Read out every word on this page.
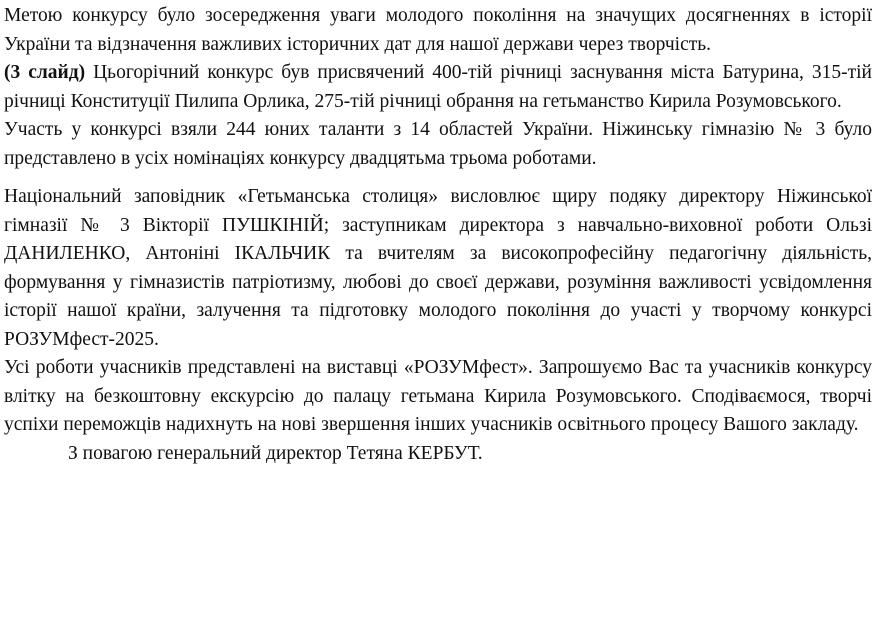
Метою конкурсу було зосередження уваги молодого покоління на значущих досягненнях в історії України та відзначення важливих історичних дат для нашої держави через творчість.

(3 слайд) Цьогорічний конкурс був присвячений 400-тій річниці заснування міста Батурина, 315-тій річниці Конституції Пилипа Орлика, 275-тій річниці обрання на гетьманство Кирила Розумовського.

Участь у конкурсі взяли 244 юних таланти з 14 областей України. Ніжинську гімназію № 3 було представлено в усіх номінаціях конкурсу двадцятьма трьома роботами.

Національний заповідник «Гетьманська столиця» висловлює щиру подяку директору Ніжинської гімназії № 3 Вікторії ПУШКІНІЙ; заступникам директора з навчально-виховної роботи Ользі ДАНИЛЕНКО, Антоніні ІКАЛЬЧИК та вчителям за високопрофесійну педагогічну діяльність, формування у гімназистів патріотизму, любові до своєї держави, розуміння важливості усвідомлення історії нашої країни, залучення та підготовку молодого покоління до участі у творчому конкурсі РОЗУМфест-2025.

Усі роботи учасників представлені на виставці «РОЗУМфест». Запрошуємо Вас та учасників конкурсу влітку на безкоштовну екскурсію до палацу гетьмана Кирила Розумовського. Сподіваємося, творчі успіхи переможців надихнуть на нові звершення інших учасників освітнього процесу Вашого закладу.

З повагою генеральний директор Тетяна КЕРБУТ.
